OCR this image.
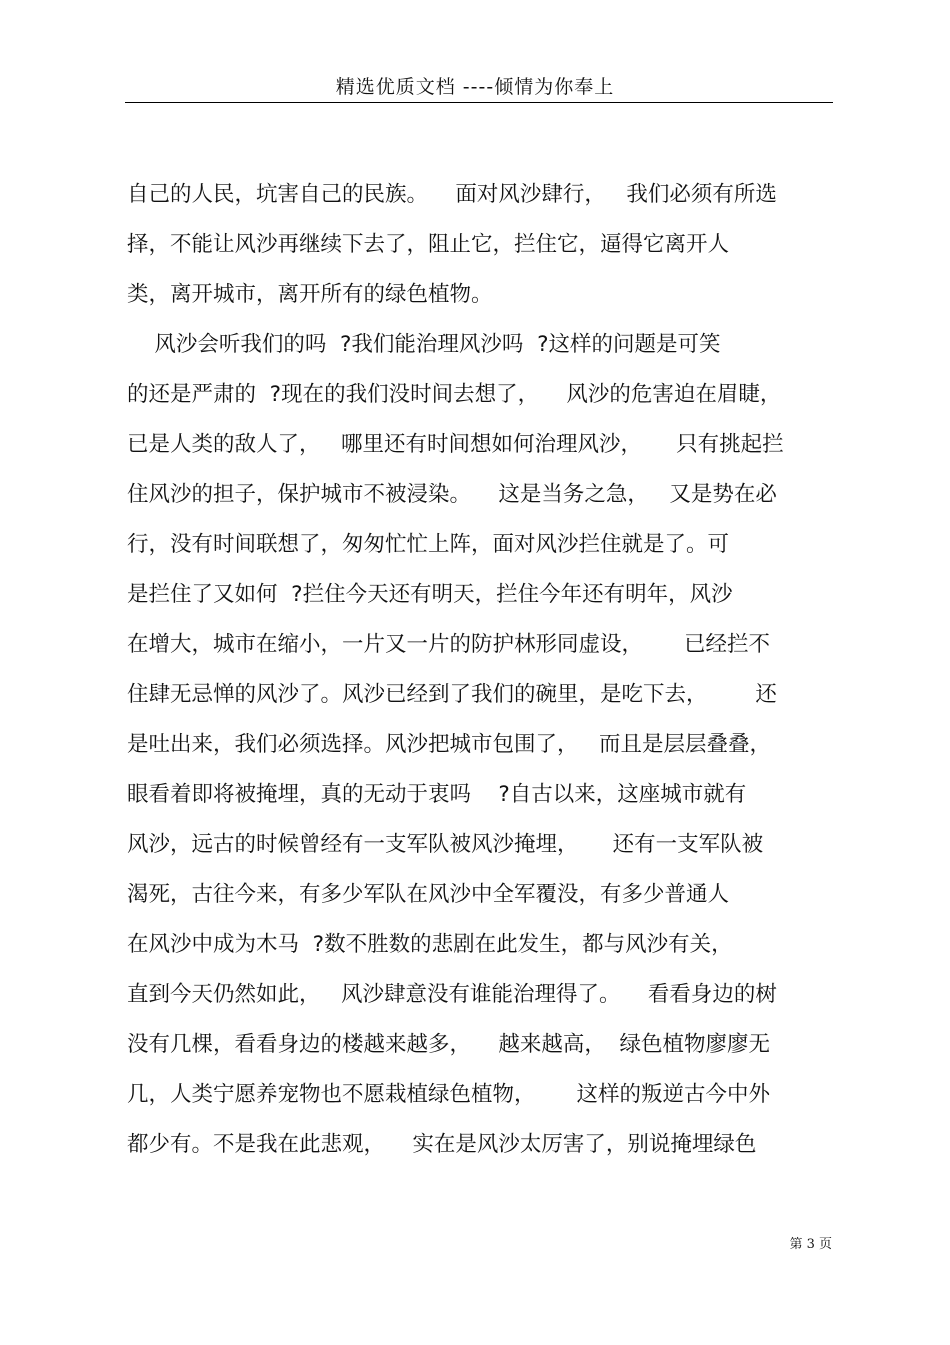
精选优质文档 ----倾情为你奉上
自己的人民，坑害自己的民族。    面对风沙肆行，   我们必须有所选
择，不能让风沙再继续下去了，阻止它，拦住它，逼得它离开人
类，离开城市，离开所有的绿色植物。
风沙会听我们的吗  ?我们能治理风沙吗  ?这样的问题是可笑
的还是严肃的  ?现在的我们没时间去想了，    风沙的危害迫在眉睫，
已是人类的敌人了，   哪里还有时间想如何治理风沙，     只有挑起拦
住风沙的担子，保护城市不被浸染。    这是当务之急，   又是势在必
行，没有时间联想了，匆匆忙忙上阵，面对风沙拦住就是了。可
是拦住了又如何  ?拦住今天还有明天，拦住今年还有明年，风沙
在增大，城市在缩小，一片又一片的防护林形同虚设，      已经拦不
住肆无忌惮的风沙了。风沙已经到了我们的碗里，是吃下去，       还
是吐出来，我们必须选择。风沙把城市包围了，   而且是层层叠叠，
眼看着即将被掩埋，真的无动于衷吗    ?自古以来，这座城市就有
风沙，远古的时候曾经有一支军队被风沙掩埋，     还有一支军队被
渴死，古往今来，有多少军队在风沙中全军覆没，有多少普通人
在风沙中成为木马  ?数不胜数的悲剧在此发生，都与风沙有关，
直到今天仍然如此，   风沙肆意没有谁能治理得了。    看看身边的树
没有几棵，看看身边的楼越来越多，    越来越高，  绿色植物廖廖无
几，人类宁愿养宠物也不愿栽植绿色植物，      这样的叛逆古今中外
都少有。不是我在此悲观，    实在是风沙太厉害了，别说掩埋绿色
第 3 页
